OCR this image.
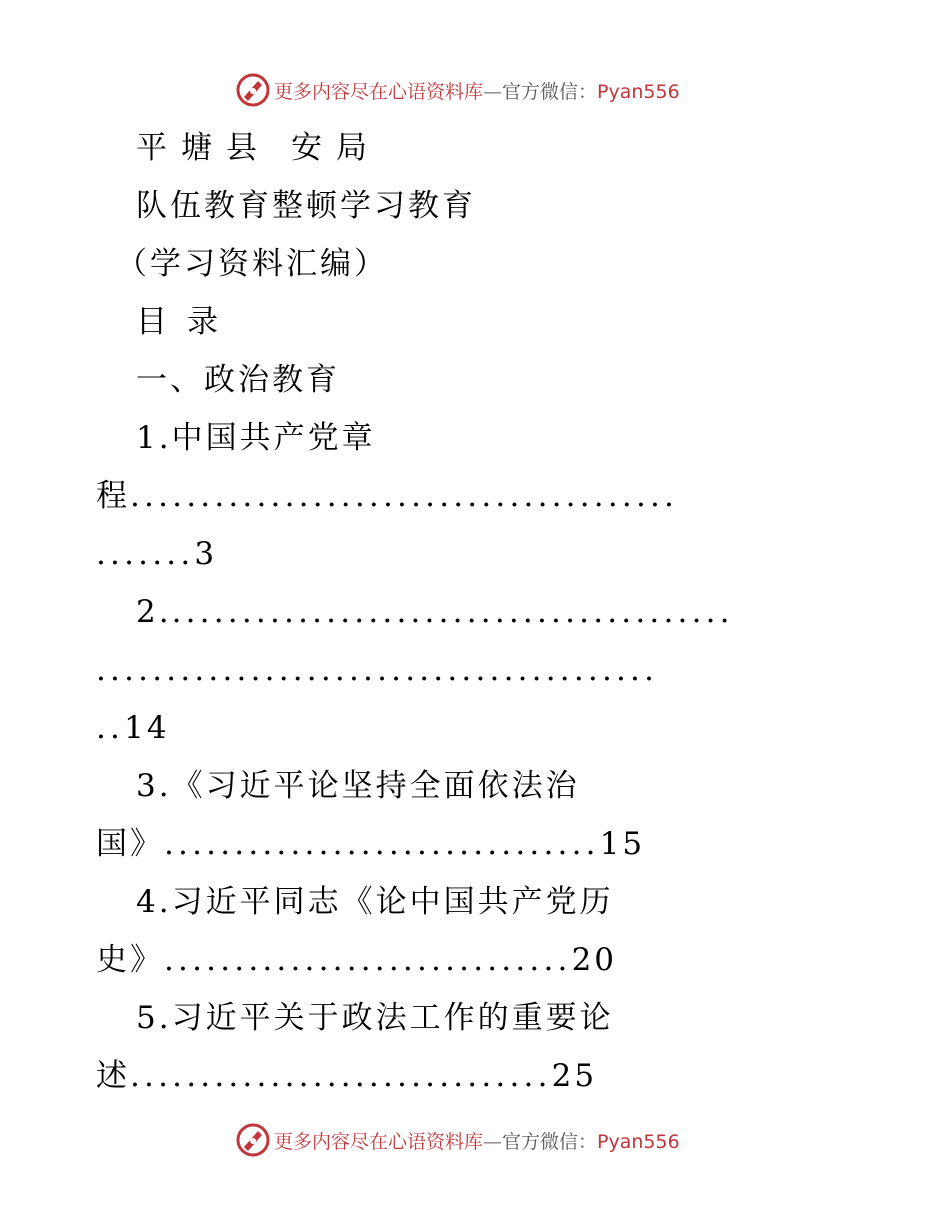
更多内容尽在心语资料库—官方微信：Pyan556
平塘县 安局
队伍教育整顿学习教育
（学习资料汇编）
目录
一、政治教育
1.中国共产党章
程.......................................
.......3
2.........................................
........................................
..14
3.《习近平论坚持全面依法治
国》...............................15
4.习近平同志《论中国共产党历
史》.............................20
5.习近平关于政法工作的重要论
述..............................25
更多内容尽在心语资料库—官方微信：Pyan556
